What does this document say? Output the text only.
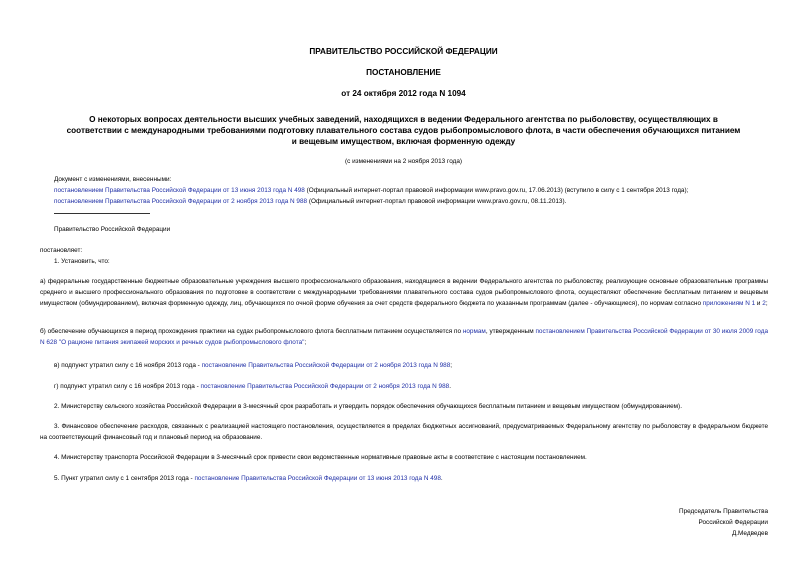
ПРАВИТЕЛЬСТВО РОССИЙСКОЙ ФЕДЕРАЦИИ
ПОСТАНОВЛЕНИЕ
от 24 октября 2012 года N 1094
О некоторых вопросах деятельности высших учебных заведений, находящихся в ведении Федерального агентства по рыболовству, осуществляющих в
соответствии с международными требованиями подготовку плавательного состава судов рыбопромыслового флота, в части обеспечения обучающихся питанием
и вещевым имуществом, включая форменную одежду
(с изменениями на 2 ноября 2013 года)
Документ с изменениями, внесенными:
постановлением Правительства Российской Федерации от 13 июня 2013 года N 498 (Официальный интернет-портал правовой информации www.pravo.gov.ru, 17.06.2013) (вступило в силу с 1 сентября 2013 года);
постановлением Правительства Российской Федерации от 2 ноября 2013 года N 988 (Официальный интернет-портал правовой информации www.pravo.gov.ru, 08.11.2013).
Правительство Российской Федерации
постановляет:
1. Установить, что:
а) федеральные государственные бюджетные образовательные учреждения высшего профессионального образования, находящиеся в ведении Федерального агентства по рыболовству, реализующие основные образовательные программы среднего и высшего профессионального образования по подготовке в соответствии с международными требованиями плавательного состава судов рыбопромыслового флота, осуществляют обеспечение бесплатным питанием и вещевым имуществом (обмундированием), включая форменную одежду, лиц, обучающихся по очной форме обучения за счет средств федерального бюджета по указанным программам (далее - обучающиеся), по нормам согласно приложениям N 1 и 2;
б) обеспечение обучающихся в период прохождения практики на судах рыбопромыслового флота бесплатным питанием осуществляется по нормам, утвержденным постановлением Правительства Российской Федерации от 30 июля 2009 года N 628 "О рационе питания экипажей морских и речных судов рыбопромыслового флота";
в) подпункт утратил силу с 16 ноября 2013 года - постановление Правительства Российской Федерации от 2 ноября 2013 года N 988;
г) подпункт утратил силу с 16 ноября 2013 года - постановление Правительства Российской Федерации от 2 ноября 2013 года N 988.
2. Министерству сельского хозяйства Российской Федерации в 3-месячный срок разработать и утвердить порядок обеспечения обучающихся бесплатным питанием и вещевым имуществом (обмундированием).
3. Финансовое обеспечение расходов, связанных с реализацией настоящего постановления, осуществляется в пределах бюджетных ассигнований, предусматриваемых Федеральному агентству по рыболовству в федеральном бюджете на соответствующий финансовый год и плановый период на образование.
4. Министерству транспорта Российской Федерации в 3-месячный срок привести свои ведомственные нормативные правовые акты в соответствие с настоящим постановлением.
5. Пункт утратил силу с 1 сентября 2013 года - постановление Правительства Российской Федерации от 13 июня 2013 года N 498.
Председатель Правительства
Российской Федерации
Д.Медведев
